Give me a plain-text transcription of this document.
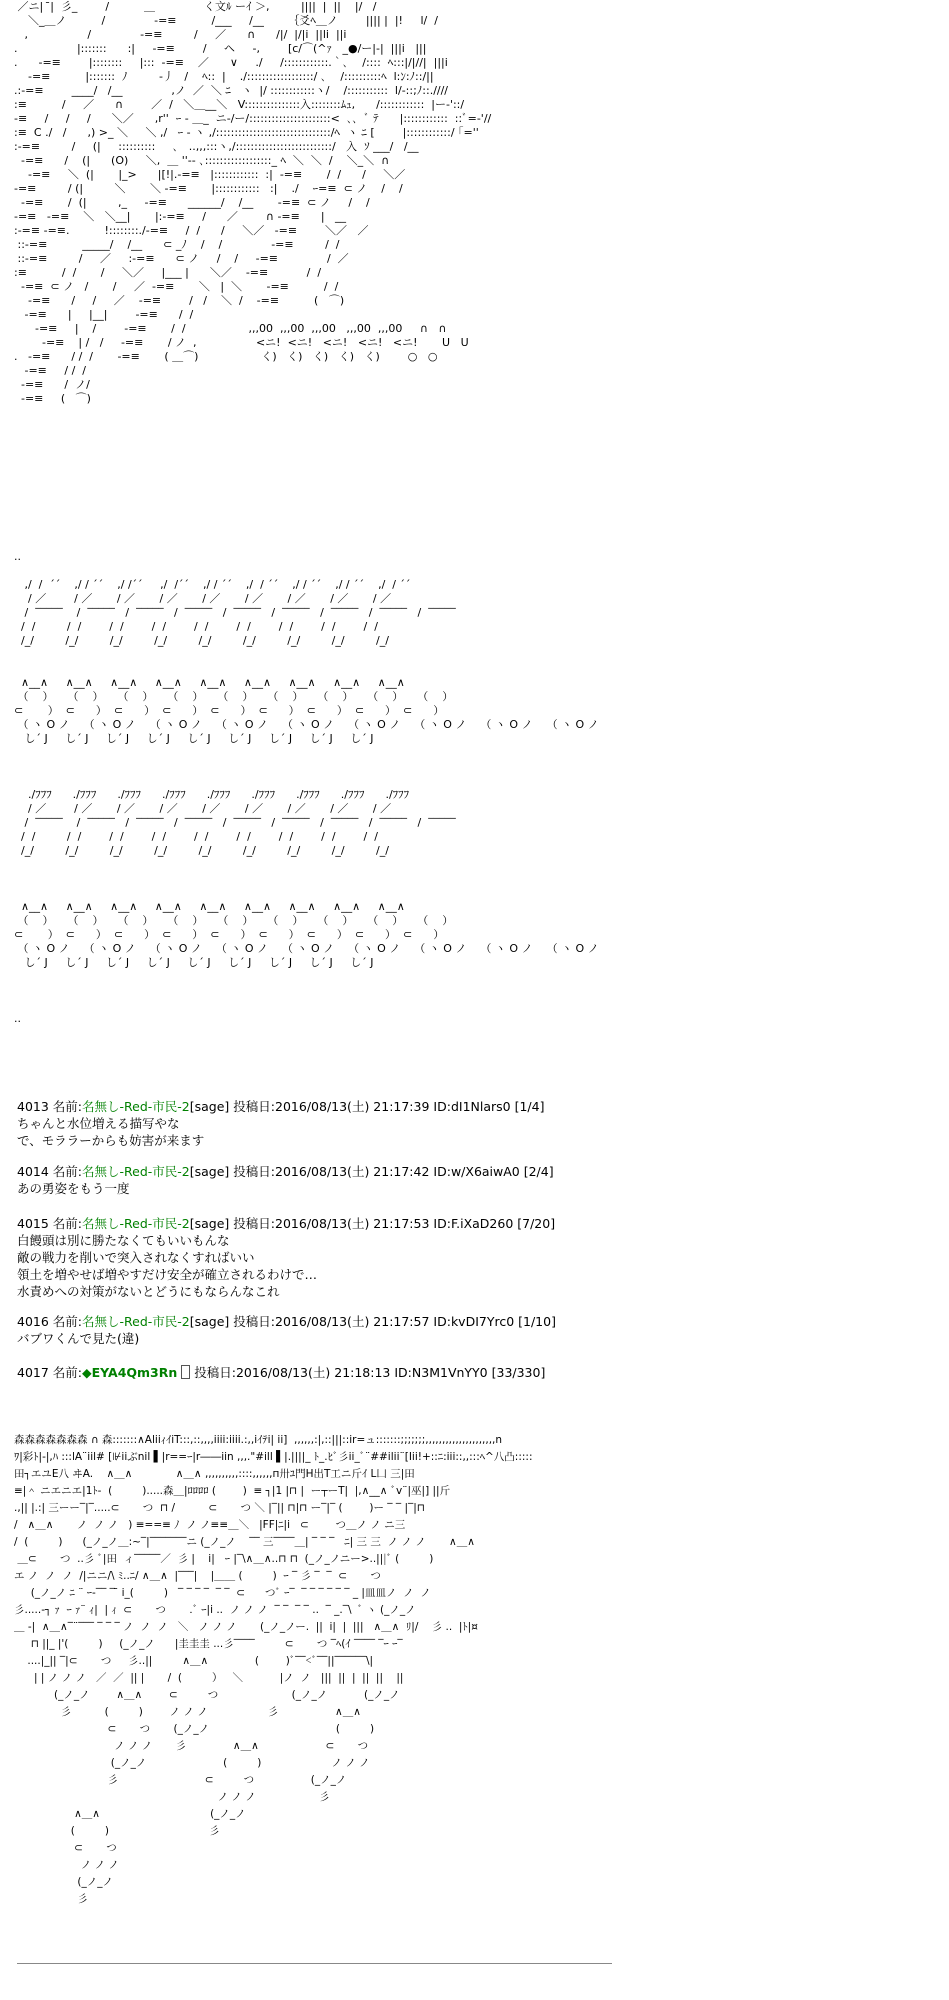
／ニ|  ̄|  彡_        /          ＿              く文ﾙ ーｲ ＞,         ||||  |  ||    |/   /
＼_＿ノ          /              -=≡          /___     /__       ｛爻ﾍ＿ノ        |||| |  |!     l/  /
,                 /              -=≡         /     ／      ∩      /|/  |/|i  ||li  ||i
.                 |:::::::      :|     -=≡        /     ヘ     -,        [c/⌒(^ｧ   _●/ー|-|  |||i   |||
.      -=≡        |::::::::     |:::  -=≡    ／      ∨     ./     /::::::::::::.｀､    /::::  ﾍ:::|/|//|  |||i
-=≡          |:::::::  ﾉ         -丿   /    ﾍ::  |    ./::::::::::::::::::/ ､    /::::::::::ﾍ  l:ﾝ:ﾉ::/||
.:-=≡        ____/   /__              ,ノ  ／  ＼ ﾆ   ヽ  |/ ::::::::::::ヽ/    /:::::::::::  l/-::;ﾉ::.////
:≡          /     ／      ∩        ／  /   ＼＿__＼   V:::::::::::::::入::::::::ﾑｭ,      /::::::::::::  |ー‐'::/
-≡     /     /     /      ＼／      ,r''  ｰ ‐ ＿_  ニ-/ー/::::::::::::::::::::::<  ､､  ﾞ ﾃ      |::::::::::::  ::ﾞ=‐'//
:≡  C ./   /      ,) >_ ＼     ＼ ,/   ｰ ‐ ヽ ,/:::::::::::::::::::::::::::::::/ﾍ  ヽ ﾆ [        |::::::::::::/ ｢=''
:-=≡         /     (|     ::::::::::     ､   ..,,,:::ヽ,/::::::::::::::::::::::::::/   入  ｿ ___/   /__
-=≡      /    (|      (O)     ＼,  ＿ ''‐- ､::::::::::::::::::_ ﾍ  ＼  ＼  /    ＼_＼  ∩
-=≡     ＼  (|       |_>      |[!|.-=≡   |::::::::::::  :|  -=≡       /  /      /     ＼／
-=≡         / (|         ＼       ＼ -=≡       |::::::::::::   :|    ./    ｰ=≡  ⊂ ノ    /    /
-=≡       /  (|         ,_     -=≡      ______/    /__       -=≡  ⊂ ノ     /    /
-=≡   -=≡    ＼   ＼__|       |:-=≡     /      ／        ∩ -=≡      |   __
:-=≡ -=≡.          !::::::::./-=≡     /  /      /     ＼／   -=≡        ＼／   ／
::-=≡          _____/    /__      ⊂ _ﾉ    /    /              -=≡         /  /
::-=≡         /     ／     :-=≡      ⊂ ノ     /    /     -=≡              /  ／
:≡          /  /       /     ＼／     |___ |      ＼／    -=≡           /  /
-=≡  ⊂ ノ   /       /     ／  -=≡       ＼   |  ＼       -=≡          /  /
-=≡      /     /     ／    -=≡        /   /    ＼  /    -=≡          (   ⌒)
-=≡      |     |__|        -=≡      /  /
-=≡     |    /        -=≡       /  /                  ,,,00  ,,,00  ,,,00   ,,,00  ,,,00     ∩   ∩
-=≡    | /   /     -=≡       / ノ  ,                 <ニ!  <ニ!   <ニ!   <ニ!   <ニ!       U   U
.   -=≡      / /  /       -=≡       ( ＿⌒)                  く)   く)   く)   く)   く)        ○   ○
-=≡     / /  /
-=≡      /  ノ/
-=≡     (   ⌒)
..

,/  /  ´´    ,/ / ´´    ,/ /´´     ,/  /´´    ,/ / ´´    ,/  / ´´    ,/ / ´´    ,/ / ´´    ,/  / ´´
/ ／        / ／       / ／       / ／       / ／       / ／       / ／       / ／       / ／
/  ‾‾‾‾‾    /  ‾‾‾‾‾   /  ‾‾‾‾‾   /  ‾‾‾‾‾   /  ‾‾‾‾‾   /  ‾‾‾‾‾   /  ‾‾‾‾‾   /  ‾‾‾‾‾   /  ‾‾‾‾‾
/  /         /  /        /  /        /  /        /  /        /  /        /  /        /  /        /  /
/_/         /_/         /_/         /_/         /_/         /_/         /_/         /_/         /_/

∧__∧     ∧__∧     ∧__∧     ∧__∧     ∧__∧     ∧__∧     ∧__∧     ∧__∧     ∧__∧
（    ）    （    ）    （    ）    （    ）    （    ）    （    ）    （    ）    （    ）    （    ）
⊂       ）  ⊂      ）  ⊂      ）  ⊂      ）  ⊂      ）  ⊂      ）  ⊂      ）  ⊂      ）  ⊂      ）
（ ヽ O ノ    （ ヽ O ノ    （ ヽ O ノ    （ ヽ O ノ    （ ヽ O ノ    （ ヽ O ノ    （ ヽ O ノ    （ ヽ O ノ    （ ヽ O ノ
し´ J     し´ J     し´ J     し´ J     し´ J     し´ J     し´ J     し´ J     し´ J

./ﾌﾌﾌ      ./ﾌﾌﾌ      ./ﾌﾌﾌ      ./ﾌﾌﾌ      ./ﾌﾌﾌ      ./ﾌﾌﾌ      ./ﾌﾌﾌ      ./ﾌﾌﾌ      ./ﾌﾌﾌ
/ ／        / ／       / ／       / ／       / ／       / ／       / ／       / ／       / ／
/  ‾‾‾‾‾    /  ‾‾‾‾‾   /  ‾‾‾‾‾   /  ‾‾‾‾‾   /  ‾‾‾‾‾   /  ‾‾‾‾‾   /  ‾‾‾‾‾   /  ‾‾‾‾‾   /  ‾‾‾‾‾
/  /         /  /        /  /        /  /        /  /        /  /        /  /        /  /        /  /
/_/         /_/         /_/         /_/         /_/         /_/         /_/         /_/         /_/

∧__∧     ∧__∧     ∧__∧     ∧__∧     ∧__∧     ∧__∧     ∧__∧     ∧__∧     ∧__∧
（    ）    （    ）    （    ）    （    ）    （    ）    （    ）    （    ）    （    ）    （    ）
⊂       ）  ⊂      ）  ⊂      ）  ⊂      ）  ⊂      ）  ⊂      ）  ⊂      ）  ⊂      ）  ⊂      ）
（ ヽ O ノ    （ ヽ O ノ    （ ヽ O ノ    （ ヽ O ノ    （ ヽ O ノ    （ ヽ O ノ    （ ヽ O ノ    （ ヽ O ノ    （ ヽ O ノ
し´ J     し´ J     し´ J     し´ J     し´ J     し´ J     し´ J     し´ J     し´ J

..
4013 名前:名無し-Red-市民-2[sage] 投稿日:2016/08/13(土) 21:17:39 ID:dI1Nlars0 [1/4]
ちゃんと水位増える描写やな
で、モララーからも妨害が来ます
4014 名前:名無し-Red-市民-2[sage] 投稿日:2016/08/13(土) 21:17:42 ID:w/X6aiwA0 [2/4]
あの勇姿をもう一度
4015 名前:名無し-Red-市民-2[sage] 投稿日:2016/08/13(土) 21:17:53 ID:F.iXaD260 [7/20]
白饅頭は別に勝たなくてもいいもんな
敵の戦力を削いで突入されなくすればいい
領土を増やせば増やすだけ安全が確立されるわけで…
水責めへの対策がないとどうにもならんなこれ
4016 名前:名無し-Red-市民-2[sage] 投稿日:2016/08/13(土) 21:17:57 ID:kvDI7Yrc0 [1/10]
バブワくんで見た(違)
4017 名前:◆EYA4Qm3Rn 投稿日:2016/08/13(土) 21:18:13 ID:N3M1VnYY0 [33/330]
森森森森森森森 ∩ 森:::::::∧AliiｨｲiT:::,::,,,,iiii:iiii.:,,iｲﾃi| ii]  ,,,,,,:|,::|||::ir=ュ:::::::;;;;;;;,,,,,,,,,,,,,,,,,,,,,n
ﾜ|彩ﾄ|-|,ﾊ :::lA¨iil# [⊮iiぶnil ▌|r==ｰ|r――iin ,,,."#ill ▌|.||||_ ﾄ_.ﾋﾞ彡ii_ﾞ¨##ilii¨[Iii!+::ﾆ:iii::,,:::ﾍ^八凸:::::
田┐エユE八 ヰA.    ∧＿∧             ∧＿∧ ,,,,,,,,,,::::,,,,,,п卅ﾕ門H出T工ニ斤ｲ L凵 三|田
≡|＾ ニエニエ|1ﾄ-  (         ).....森＿|ﾛﾛﾛﾛ (        )  ≡ ┐|1 |⊓ |  ー┬ーT|  |,∧__∧ ﾞv¨|巫|] ||斤
.,|| |.:| 三ーー‾|‾.....⊂       つ  ⊓ /          ⊂       つ ＼ |‾|| ⊓|⊓ ー‾|‾ (        )ー ‾ ‾ |‾|⊓
/   ∧＿∧       ノ  ノ ノ   ) ≡==≡ ﾉ  ノ ノ≡≡＿＼   |FF|ﾆ|i   ⊂        つ＿ノ ノ ニ三
/  (         )      (_ノ_ノ＿:~‾|‾‾‾‾‾‾‾ニ (_ノ_ノ    ‾‾ 三‾‾‾‾＿| ‾ ‾ ‾   ﾆ| 三 三  ノ ノ ノ       ∧＿∧
＿⊂       つ  ..彡 ﾞ|田  ィ‾‾‾‾‾／  彡 |    i|   ｰ |‾\∧＿∧..⊓ ⊓  (_ノ_ノニー>..|||ﾞ (         )
エ ノ  ノ  ノ  /|ニニ/\ ﾐ..ﾆ/ ∧＿∧  |‾‾‾|    |＿＿ (         )  ｰ ‾ 彡 ‾  ‾  ⊂       つ
(_ノ_ノ ﾆ ¨ ｰ-‾‾ ‾ ̄ i_(         )   ‾ ‾ ‾ ‾  ‾ ‾  ⊂      つﾞ ｰ‾  ‾ ‾ ‾ ‾ ‾ ‾ _ |皿皿ノ  ノ  ノ
彡.....-┐ ｧ  ｰ ｧ¨ ｨ|  | ｨ  ⊂       つ       .ﾞ ｰ|i ..  ノ ノ ノ  ‾ ‾  ‾ ‾ ..  ‾ _.‾\  ﾞ ヽ (_ノ_ノ
＿ -|  ∧＿∧‾¨‾‾‾ ‾ ‾ ‾ ノ  ノ  ノ   ＼   ノ ノ ノ       (_ノ_ノー.  ||  i|  |  |||   ∧＿∧  ﾘ|/    彡 ..  |ﾄ|¤
⊓ ||_ |'(         )     (_ノ_ノ      |圭圭圭 ...彡‾‾‾‾         ⊂       つ ‾ﾍ(ｲ ‾‾‾‾ ‾ｰ ｰ‾
....|_|| ‾|⊂       つ     彡..||         ∧＿∧              (        )ﾞ‾‾<ﾞ‾‾||‾‾‾‾‾‾\|
| | ノ ノ ノ   ／  ／  || |       /  (         ）   ＼           |ノ  ノ   |||  ||  |  ||  ||    ||
(_ノ_ノ        ∧＿∧        ⊂         つ                      (_ノ_ノ           (_ノ_ノ
彡          (         )        ノ ノ ノ                  彡                 ∧＿∧
⊂       つ       (_ノ_ノ                                      (         )
ノ ノ ノ       彡              ∧＿∧                    ⊂       つ
(_ノ_ノ                       (         )                     ノ ノ ノ
彡                          ⊂         つ                 (_ノ_ノ
ノ ノ ノ                   彡
∧＿∧                                 (_ノ_ノ
(         )                              彡
⊂       つ
ノ ノ ノ
(_ノ_ノ
彡
